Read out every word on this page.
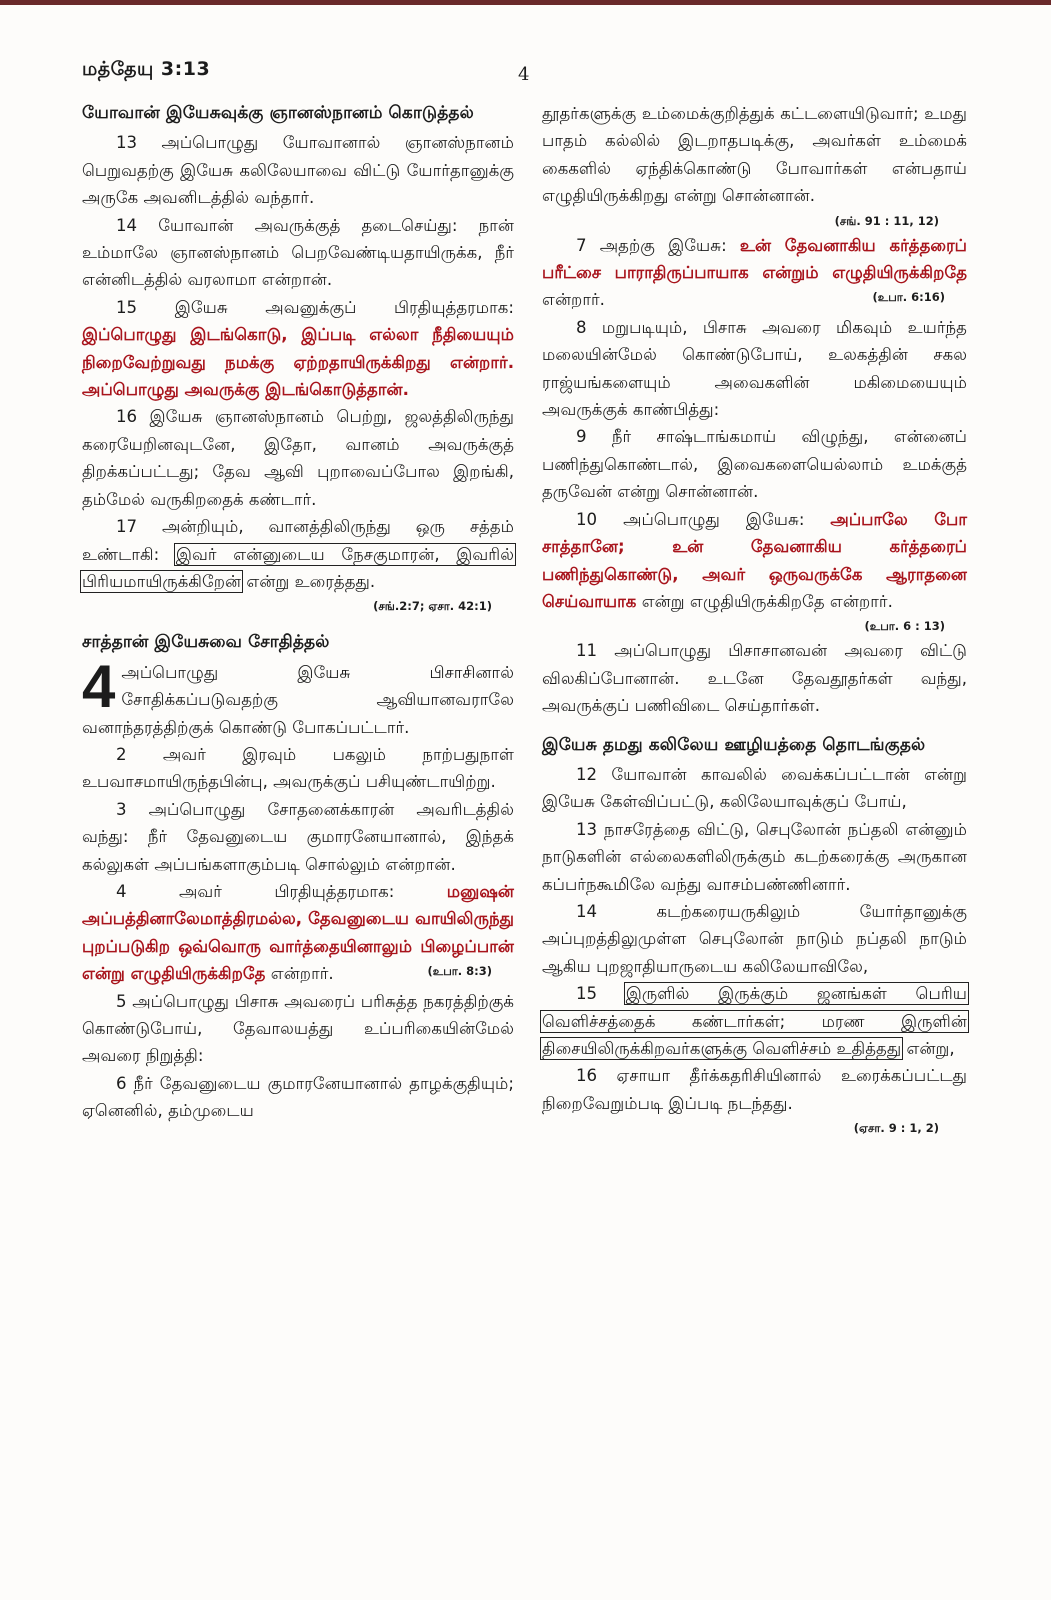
மத்தேயு 3:13	4
யோவான் இயேசுவுக்கு ஞானஸ்நானம் கொடுத்தல்

13 அப்பொழுது யோவானால் ஞானஸ்நானம் பெறுவதற்கு இயேசு கலிலேயாவை விட்டு யோர்தானுக்கு அருகே அவனிடத்தில் வந்தார்.

14 யோவான் அவருக்குத் தடைசெய்து: நான் உம்மாலே ஞானஸ்நானம் பெறவேண்டியதாயிருக்க, நீர் என்னிடத்தில் வரலாமா என்றான்.

15 இயேசு அவனுக்குப் பிரதியுத்தரமாக: இப்பொழுது இடங்கொடு, இப்படி எல்லா நீதியையும் நிறைவேற்றுவது நமக்கு ஏற்றதாயிருக்கிறது என்றார். அப்பொழுது அவருக்கு இடங்கொடுத்தான்.

16 இயேசு ஞானஸ்நானம் பெற்று, ஜலத்திலிருந்து கரையேறினவுடனே, இதோ, வானம் அவருக்குத் திறக்கப்பட்டது; தேவ ஆவி புறாவைப்போல இறங்கி, தம்மேல் வருகிறதைக் கண்டார்.

17 அன்றியும், வானத்திலிருந்து ஒரு சத்தம் உண்டாகி: இவர் என்னுடைய நேசகுமாரன், இவரில் பிரியமாயிருக்கிறேன் என்று உரைத்தது.
(சங்.2:7; ஏசா. 42:1)

சாத்தான் இயேசுவை சோதித்தல்

4 அப்பொழுது இயேசு பிசாசினால் சோதிக்கப்படுவதற்கு ஆவியானவராலே வனாந்தரத்திற்குக் கொண்டு போகப்பட்டார்.

2 அவர் இரவும் பகலும் நாற்பதுநாள் உபவாசமாயிருந்தபின்பு, அவருக்குப் பசியுண்டாயிற்று.

3 அப்பொழுது சோதனைக்காரன் அவரிடத்தில் வந்து: நீர் தேவனுடைய குமாரனேயானால், இந்தக் கல்லுகள் அப்பங்களாகும்படி சொல்லும் என்றான்.

4 அவர் பிரதியுத்தரமாக:	மனுஷன் அப்பத்தினாலேமாத்திரமல்ல, தேவனுடைய வாயிலிருந்து புறப்படுகிற ஒவ்வொரு வார்த்தையினாலும் பிழைப்பான் என்று எழுதியிருக்கிறதே என்றார்.	(உபா. 8:3)

5 அப்பொழுது பிசாசு அவரைப் பரிசுத்த நகரத்திற்குக் கொண்டுபோய், தேவாலயத்து உப்பரிகையின்மேல் அவரை நிறுத்தி:

6 நீர் தேவனுடைய குமாரனேயானால் தாழக்குதியும்; ஏனெனில், தம்முடைய

தூதர்களுக்கு உம்மைக்குறித்துக் கட்டளையிடுவார்; உமது பாதம் கல்லில் இடறாதபடிக்கு, அவர்கள் உம்மைக் கைகளில் ஏந்திக்கொண்டு போவார்கள் என்பதாய் எழுதியிருக்கிறது என்று சொன்னான்.

(சங். 91 : 11, 12)

7 அதற்கு இயேசு: உன் தேவனாகிய கர்த்தரைப் பரீட்சை பாராதிருப்பாயாக என்றும் எழுதியிருக்கிறதே என்றார்.	(உபா. 6:16)

8 மறுபடியும், பிசாசு அவரை மிகவும் உயர்ந்த மலையின்மேல் கொண்டுபோய், உலகத்தின் சகல ராஜ்யங்களையும் அவைகளின் மகிமையையும் அவருக்குக் காண்பித்து:

9 நீர் சாஷ்டாங்கமாய் விழுந்து, என்னைப் பணிந்துகொண்டால், இவைகளையெல்லாம் உமக்குத் தருவேன் என்று சொன்னான்.

10 அப்பொழுது இயேசு: அப்பாலே போ சாத்தானே; உன் தேவனாகிய கர்த்தரைப் பணிந்துகொண்டு, அவர் ஒருவருக்கே ஆராதனை செய்வாயாக என்று எழுதியிருக்கிறதே என்றார்.
(உபா. 6 : 13)

11 அப்பொழுது பிசாசானவன் அவரை விட்டு விலகிப்போனான். உடனே தேவதூதர்கள் வந்து, அவருக்குப் பணிவிடை செய்தார்கள்.

இயேசு தமது கலிலேய ஊழியத்தை தொடங்குதல்

12 யோவான் காவலில் வைக்கப்பட்டான் என்று இயேசு கேள்விப்பட்டு, கலிலேயாவுக்குப் போய்,

13 நாசரேத்தை விட்டு, செபுலோன் நப்தலி என்னும் நாடுகளின் எல்லைகளிலிருக்கும் கடற்கரைக்கு அருகான கப்பர்நகூமிலே வந்து வாசம்பண்ணினார்.

14 கடற்கரையருகிலும் யோர்தானுக்கு அப்புறத்திலுமுள்ள செபுலோன் நாடும் நப்தலி நாடும் ஆகிய புறஜாதியாருடைய கலிலேயாவிலே,

15 இருளில் இருக்கும் ஜனங்கள் பெரிய வெளிச்சத்தைக் கண்டார்கள்; மரண இருளின் திசையிலிருக்கிறவர்களுக்கு வெளிச்சம் உதித்தது என்று,

16 ஏசாயா தீர்க்கதரிசியினால் உரைக்கப்பட்டது நிறைவேறும்படி இப்படி நடந்தது.

(ஏசா. 9 : 1, 2)
